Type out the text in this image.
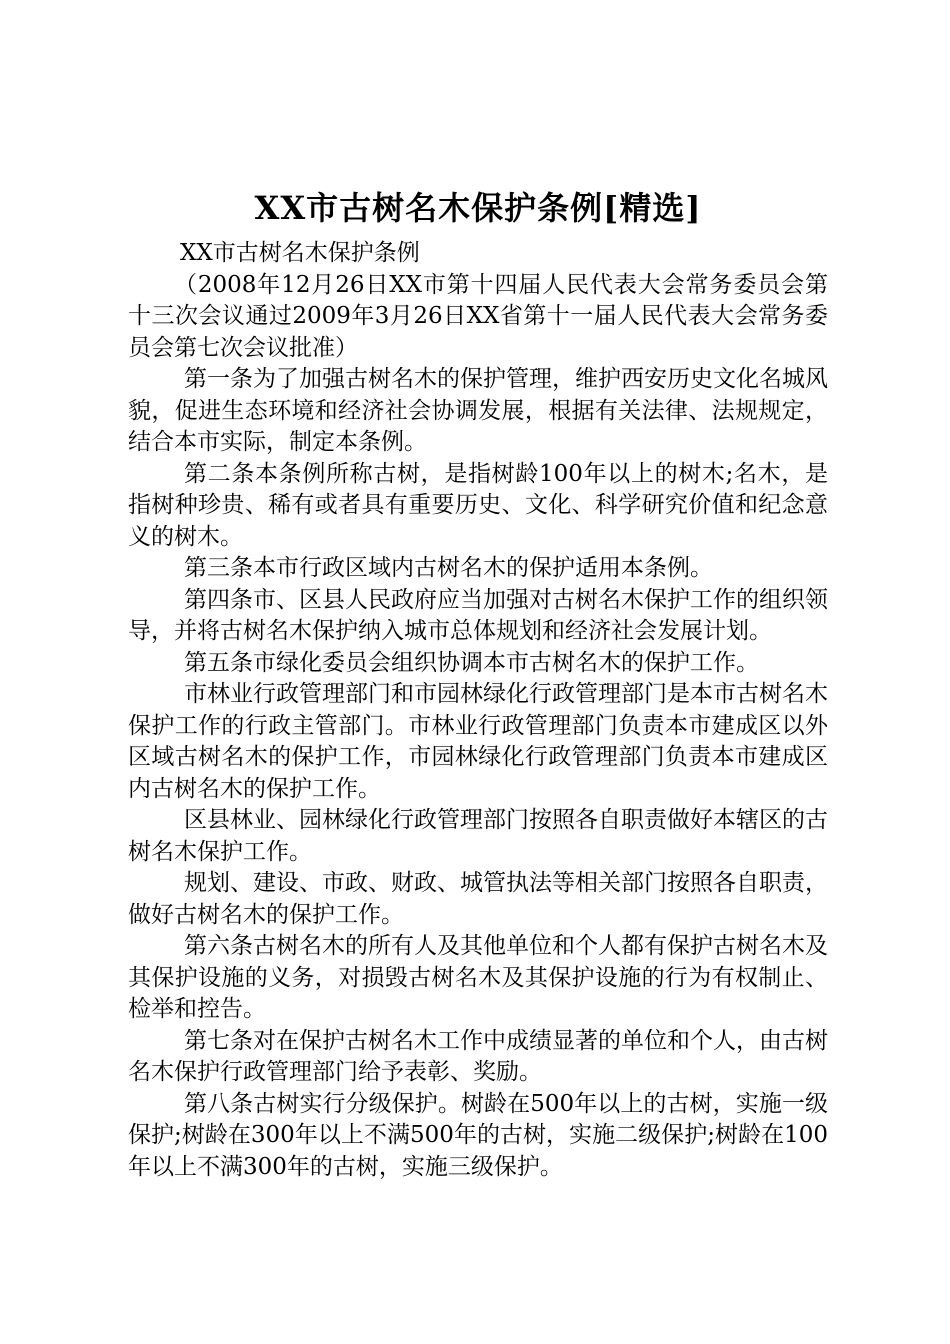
XX市古树名木保护条例[精选]

XX市古树名木保护条例

（2008年12月26日XX市第十四届人民代表大会常务委员会第十三次会议通过2009年3月26日XX省第十一届人民代表大会常务委员会第七次会议批准）

第一条为了加强古树名木的保护管理，维护西安历史文化名城风貌，促进生态环境和经济社会协调发展，根据有关法律、法规规定，结合本市实际，制定本条例。

第二条本条例所称古树，是指树龄100年以上的树木;名木，是指树种珍贵、稀有或者具有重要历史、文化、科学研究价值和纪念意义的树木。

第三条本市行政区域内古树名木的保护适用本条例。

第四条市、区县人民政府应当加强对古树名木保护工作的组织领导，并将古树名木保护纳入城市总体规划和经济社会发展计划。

第五条市绿化委员会组织协调本市古树名木的保护工作。

市林业行政管理部门和市园林绿化行政管理部门是本市古树名木保护工作的行政主管部门。市林业行政管理部门负责本市建成区以外区域古树名木的保护工作，市园林绿化行政管理部门负责本市建成区内古树名木的保护工作。

区县林业、园林绿化行政管理部门按照各自职责做好本辖区的古树名木保护工作。

规划、建设、市政、财政、城管执法等相关部门按照各自职责，做好古树名木的保护工作。

第六条古树名木的所有人及其他单位和个人都有保护古树名木及其保护设施的义务，对损毁古树名木及其保护设施的行为有权制止、检举和控告。

第七条对在保护古树名木工作中成绩显著的单位和个人，由古树名木保护行政管理部门给予表彰、奖励。

第八条古树实行分级保护。树龄在500年以上的古树，实施一级保护;树龄在300年以上不满500年的古树，实施二级保护;树龄在100年以上不满300年的古树，实施三级保护。
